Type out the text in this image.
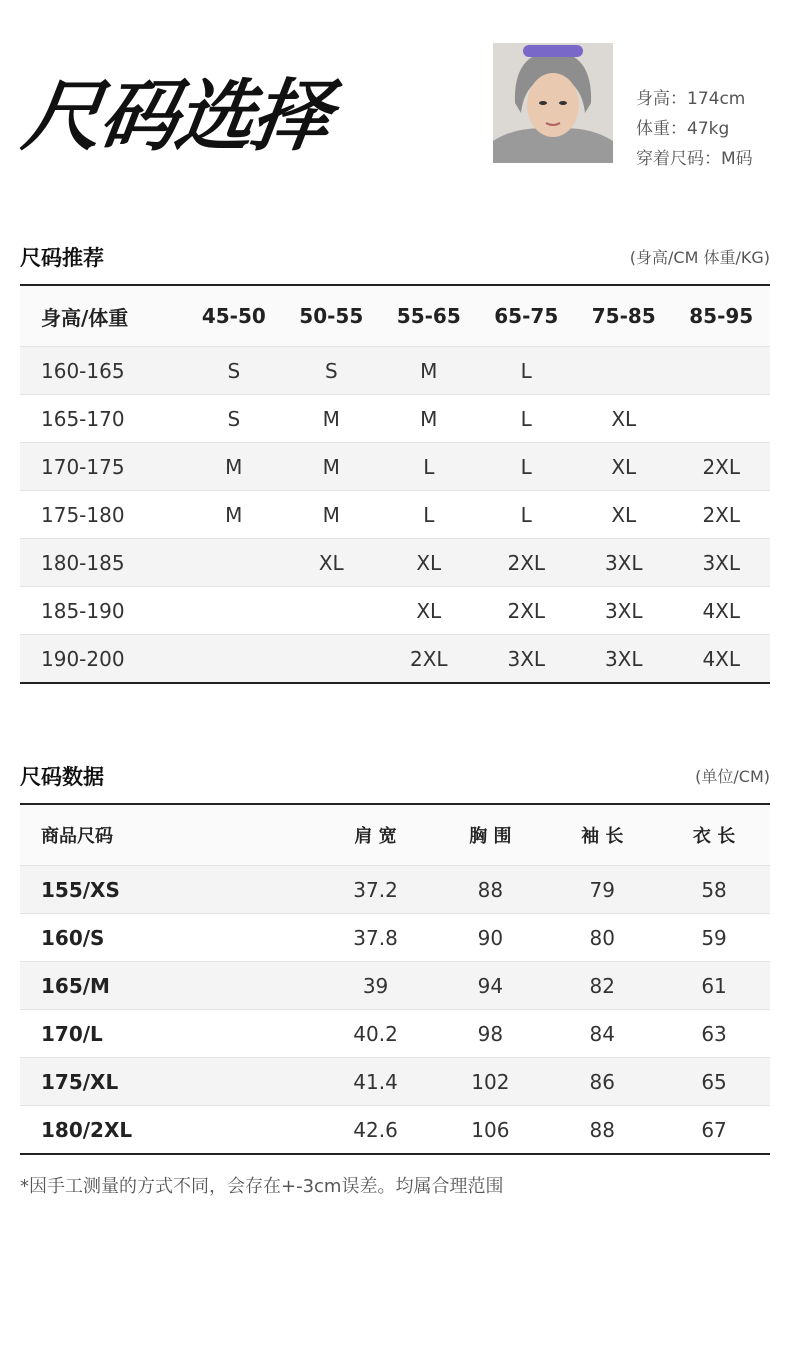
尺码选择	身高：174cm
体重：47kg
穿着尺码：M码
尺码推荐	(身高/CM 体重/KG)
身高/体重	45-50	50-55	55-65	65-75	75-85	85-95
160-165	S	S	M	L		
165-170	S	M	M	L	XL	
170-175	M	M	L	L	XL	2XL
175-180	M	M	L	L	XL	2XL
180-185		XL	XL	2XL	3XL	3XL
185-190			XL	2XL	3XL	4XL
190-200			2XL	3XL	3XL	4XL
尺码数据	(单位/CM)
商品尺码	肩 宽	胸 围	袖 长	衣 长
155/XS	37.2	88	79	58
160/S	37.8	90	80	59
165/M	39	94	82	61
170/L	40.2	98	84	63
175/XL	41.4	102	86	65
180/2XL	42.6	106	88	67
*因手工测量的方式不同，会存在+-3cm误差。均属合理范围
